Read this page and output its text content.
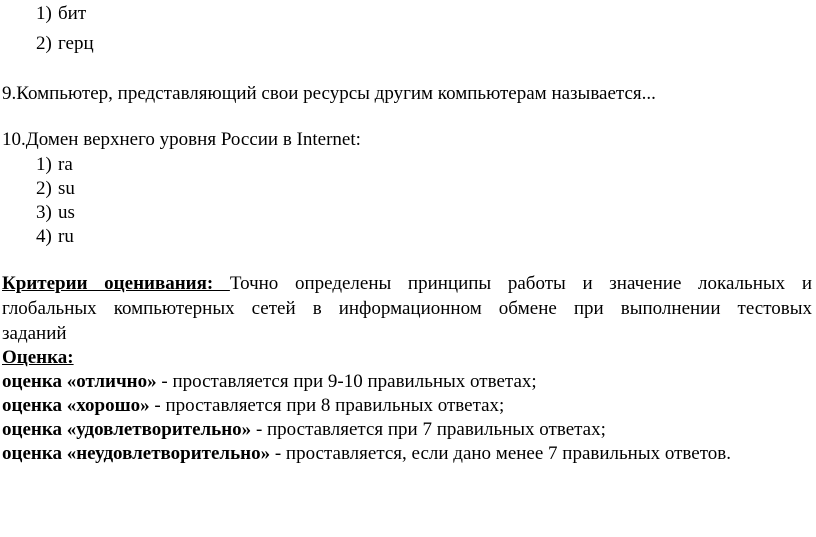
1) бит
2) герц
9.Компьютер, представляющий свои ресурсы другим компьютерам называется...
10.Домен верхнего уровня России в Internet:
1) ra
2) su
3) us
4) ru
Критерии оценивания: Точно определены принципы работы и значение локальных и
глобальных компьютерных сетей в информационном обмене при выполнении тестовых
заданий
Оценка:
оценка «отлично» - проставляется при 9-10 правильных ответах;
оценка «хорошо» - проставляется при 8 правильных ответах;
оценка «удовлетворительно» - проставляется при 7 правильных ответах;
оценка «неудовлетворительно» - проставляется, если дано менее 7 правильных ответов.
